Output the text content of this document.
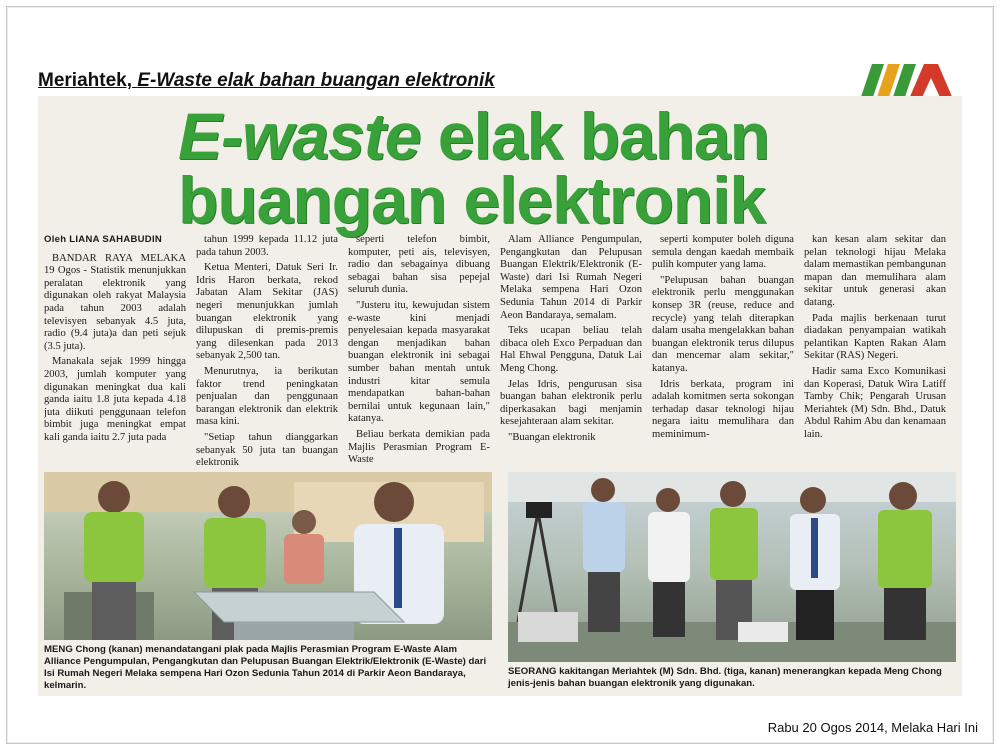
Meriahtek, E-Waste elak bahan buangan elektronik
E-waste elak bahan
buangan elektronik

Oleh LIANA SAHABUDIN

BANDAR RAYA MELAKA 19 Ogos - Statistik menunjukkan peralatan elektronik yang digunakan oleh rakyat Malaysia pada tahun 2003 adalah televisyen sebanyak 4.5 juta, radio (9.4 juta)a dan peti sejuk (3.5 juta).

Manakala sejak 1999 hingga 2003, jumlah komputer yang digunakan meningkat dua kali ganda iaitu 1.8 juta kepada 4.18 juta diikuti penggunaan telefon bimbit juga meningkat empat kali ganda iaitu 2.7 juta pada

tahun 1999 kepada 11.12 juta pada tahun 2003.

Ketua Menteri, Datuk Seri Ir. Idris Haron berkata, rekod Jabatan Alam Sekitar (JAS) negeri menunjukkan jumlah buangan elektronik yang dilupuskan di premis-premis yang dilesenkan pada 2013 sebanyak 2,500 tan.

Menurutnya, ia berikutan faktor trend peningkatan penjualan dan penggunaan barangan elektronik dan elektrik masa kini.

"Setiap tahun dianggarkan sebanyak 50 juta tan buangan elektronik

seperti telefon bimbit, komputer, peti ais, televisyen, radio dan sebagainya dibuang sebagai bahan sisa pepejal seluruh dunia.

"Justeru itu, kewujudan sistem e-waste kini menjadi penyelesaian kepada masyarakat dengan menjadikan bahan buangan elektronik ini sebagai sumber bahan mentah untuk industri kitar semula mendapatkan bahan-bahan bernilai untuk kegunaan lain," katanya.

Beliau berkata demikian pada Majlis Perasmian Program E-Waste

Alam Alliance Pengumpulan, Pengangkutan dan Pelupusan Buangan Elektrik/Elektronik (E-Waste) dari Isi Rumah Negeri Melaka sempena Hari Ozon Sedunia Tahun 2014 di Parkir Aeon Bandaraya, semalam.

Teks ucapan beliau telah dibaca oleh Exco Perpaduan dan Hal Ehwal Pengguna, Datuk Lai Meng Chong.

Jelas Idris, pengurusan sisa buangan bahan elektronik perlu diperkasakan bagi menjamin kesejahteraan alam sekitar.

"Buangan elektronik

seperti komputer boleh diguna semula dengan kaedah membaik pulih komputer yang lama.

"Pelupusan bahan buangan elektronik perlu menggunakan konsep 3R (reuse, reduce and recycle) yang telah diterapkan dalam usaha mengelakkan bahan buangan elektronik terus dilupus dan mencemar alam sekitar," katanya.

Idris berkata, program ini adalah komitmen serta sokongan terhadap dasar teknologi hijau negara iaitu memulihara dan meminimum-

kan kesan alam sekitar dan pelan teknologi hijau Melaka dalam memastikan pembangunan mapan dan memulihara alam sekitar untuk generasi akan datang.

Pada majlis berkenaan turut diadakan penyampaian watikah pelantikan Kapten Rakan Alam Sekitar (RAS) Negeri.

Hadir sama Exco Komunikasi dan Koperasi, Datuk Wira Latiff Tamby Chik; Pengarah Urusan Meriahtek (M) Sdn. Bhd., Datuk Abdul Rahim Abu dan kenamaan lain.

MENG Chong (kanan) menandatangani plak pada Majlis Perasmian Program E-Waste Alam Alliance Pengumpulan, Pengangkutan dan Pelupusan Buangan Elektrik/Elektronik (E-Waste) dari Isi Rumah Negeri Melaka sempena Hari Ozon Sedunia Tahun 2014 di Parkir Aeon Bandaraya, kelmarin.
SEORANG kakitangan Meriahtek (M) Sdn. Bhd. (tiga, kanan) menerangkan kepada Meng Chong jenis-jenis bahan buangan elektronik yang digunakan.
Rabu 20 Ogos 2014, Melaka Hari Ini
